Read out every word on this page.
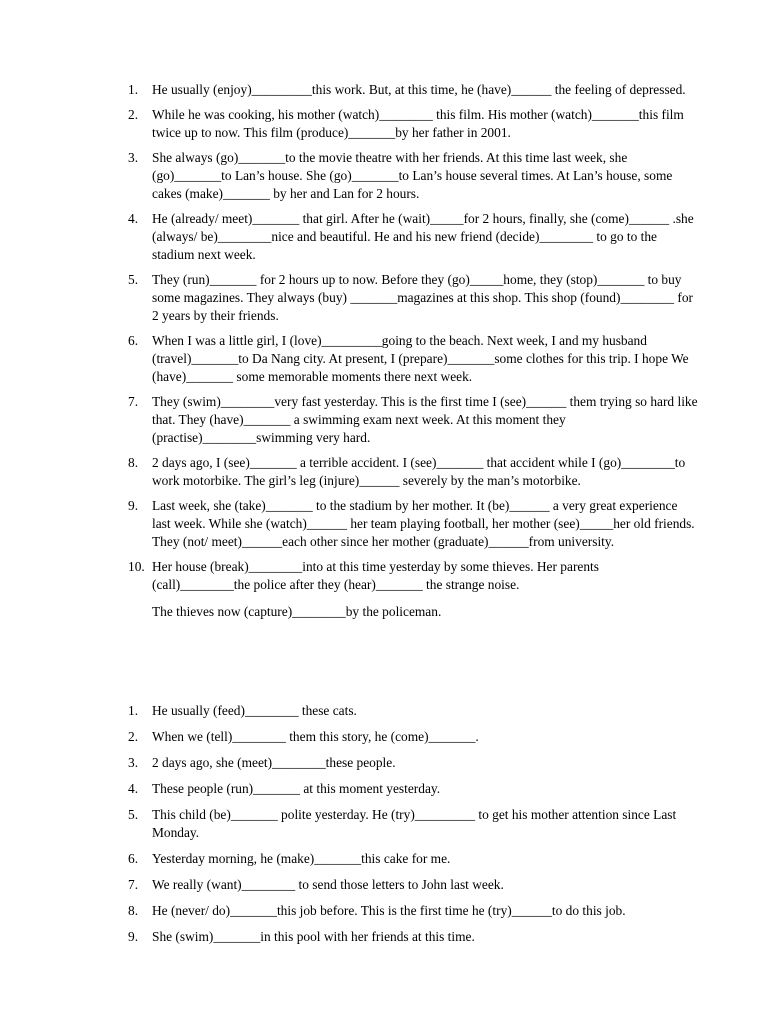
1. He usually (enjoy)_________this work. But, at this time, he (have)______ the feeling of depressed.
2. While he was cooking, his mother (watch)________ this film. His mother (watch)_______this film twice up to now. This film (produce)_______by her father in 2001.
3. She always (go)_______to the movie theatre with her friends. At this time last week, she (go)_______to Lan’s house. She (go)_______to Lan’s house several times. At Lan’s house, some cakes (make)_______ by her and Lan for 2 hours.
4. He (already/ meet)_______ that girl. After he (wait)_____for 2 hours, finally, she (come)______ .she (always/ be)________nice and beautiful. He and his new friend (decide)________ to go to the stadium next week.
5. They (run)_______ for 2 hours up to now. Before they (go)_____home, they (stop)_______ to buy some magazines. They always (buy) _______magazines at this shop. This shop (found)________ for 2 years by their friends.
6. When I was a little girl, I (love)_________going to the beach. Next week, I and my husband (travel)_______to Da Nang city. At present, I (prepare)_______some clothes for this trip. I hope We (have)_______ some memorable moments there next week.
7. They (swim)________very fast yesterday. This is the first time I (see)______ them trying so hard like that. They (have)_______ a swimming exam next week. At this moment they (practise)________swimming very hard.
8. 2 days ago, I (see)_______ a terrible accident. I (see)_______ that accident while I (go)________to work motorbike. The girl’s leg (injure)______ severely by the man’s motorbike.
9. Last week, she (take)_______ to the stadium by her mother. It (be)______ a very great experience last week. While she (watch)______ her team playing football, her mother (see)_____her old friends. They (not/ meet)______each other since her mother (graduate)______from university.
10. Her house (break)________into at this time yesterday by some thieves. Her parents (call)________the police after they (hear)_______ the strange noise.
The thieves now (capture)________by the policeman.
1. He usually (feed)________ these cats.
2. When we (tell)________ them this story, he (come)_______.
3. 2 days ago, she (meet)________these people.
4. These people (run)_______ at this moment yesterday.
5. This child (be)_______ polite yesterday. He (try)_________ to get his mother attention since Last Monday.
6. Yesterday morning, he (make)_______this cake for me.
7. We really (want)________ to send those letters to John last week.
8. He (never/ do)_______this job before. This is the first time he (try)______to do this job.
9. She (swim)_______in this pool with her friends at this time.
